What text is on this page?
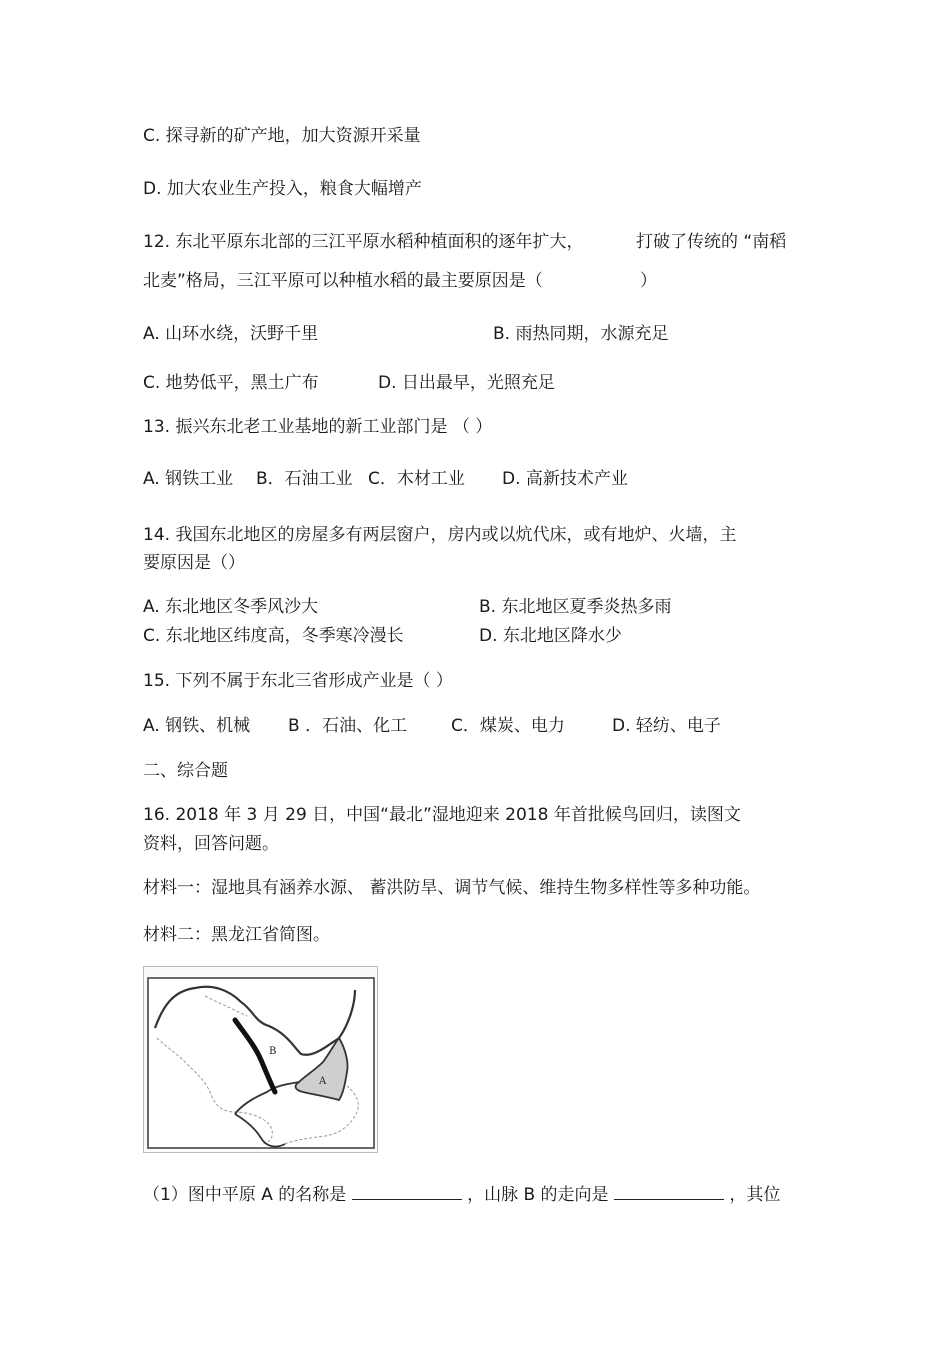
C. 探寻新的矿产地，加大资源开采量
D. 加大农业生产投入，粮食大幅增产
12. 东北平原东北部的三江平原水稻种植面积的逐年扩大，	打破了传统的 “南稻
北麦”格局，三江平原可以种植水稻的最主要原因是（	）
A. 山环水绕，沃野千里	B. 雨热同期，水源充足
C. 地势低平，黑土广布	D. 日出最早，光照充足
13. 振兴东北老工业基地的新工业部门是 （ ）
A. 钢铁工业 B．石油工业 C．木材工业 D. 高新技术产业
14. 我国东北地区的房屋多有两层窗户，房内或以炕代床，或有地炉、火墙，主
要原因是（）
A. 东北地区冬季风沙大	B. 东北地区夏季炎热多雨
C. 东北地区纬度高，冬季寒冷漫长	D. 东北地区降水少
15. 下列不属于东北三省形成产业是（ ）
A. 钢铁、机械 B ．石油、化工	C．煤炭、电力	D. 轻纺、电子
二、综合题
16. 2018 年 3 月 29 日，中国“最北”湿地迎来 2018 年首批候鸟回归，读图文
资料，回答问题。
材料一：湿地具有涵养水源、 蓄洪防旱、调节气候、维持生物多样性等多种功能。
材料二：黑龙江省简图。
B
A
（1）图中平原 A 的名称是	，山脉 B 的走向是	，其位
